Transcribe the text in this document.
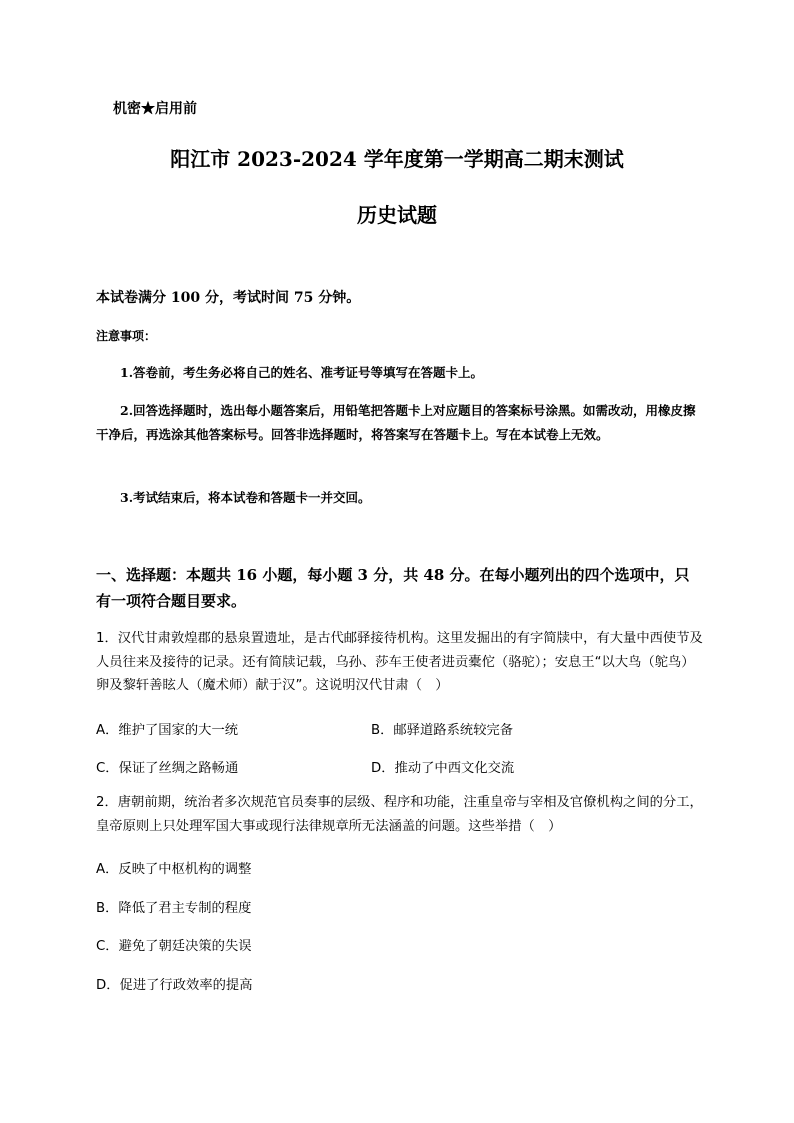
机密★启用前
阳江市 2023-2024 学年度第一学期高二期末测试
历史试题
本试卷满分 100 分，考试时间 75 分钟。
注意事项：
1.答卷前，考生务必将自己的姓名、准考证号等填写在答题卡上。
2.回答选择题时，选出每小题答案后，用铅笔把答题卡上对应题目的答案标号涂黑。如需改动，用橡皮擦干净后，再选涂其他答案标号。回答非选择题时，将答案写在答题卡上。写在本试卷上无效。
3.考试结束后，将本试卷和答题卡一并交回。
一、选择题：本题共 16 小题，每小题 3 分，共 48 分。在每小题列出的四个选项中，只有一项符合题目要求。
1．汉代甘肃敦煌郡的悬泉置遗址，是古代邮驿接待机构。这里发掘出的有字简牍中，有大量中西使节及人员往来及接待的记录。还有简牍记载，乌孙、莎车王使者进贡橐佗（骆驼）；安息王“以大鸟（鸵鸟）卵及黎轩善眩人（魔术师）献于汉”。这说明汉代甘肃（　）
A．维护了国家的大一统	B．邮驿道路系统较完备
C．保证了丝绸之路畅通	D．推动了中西文化交流
2．唐朝前期，统治者多次规范官员奏事的层级、程序和功能，注重皇帝与宰相及官僚机构之间的分工，皇帝原则上只处理军国大事或现行法律规章所无法涵盖的问题。这些举措（　）
A．反映了中枢机构的调整
B．降低了君主专制的程度
C．避免了朝廷决策的失误
D．促进了行政效率的提高
